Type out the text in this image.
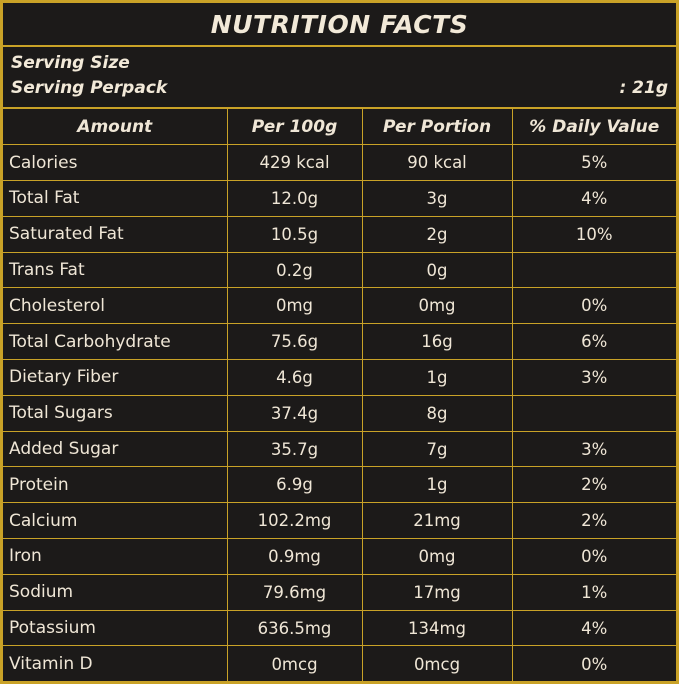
NUTRITION FACTS
Serving Size
Serving Perpack	: 21g
Amount	Per 100g	Per Portion	% Daily Value
Calories	429 kcal	90 kcal	5%
Total Fat	12.0g	3g	4%
Saturated Fat	10.5g	2g	10%
Trans Fat	0.2g	0g	
Cholesterol	0mg	0mg	0%
Total Carbohydrate	75.6g	16g	6%
Dietary Fiber	4.6g	1g	3%
Total Sugars	37.4g	8g	
Added Sugar	35.7g	7g	3%
Protein	6.9g	1g	2%
Calcium	102.2mg	21mg	2%
Iron	0.9mg	0mg	0%
Sodium	79.6mg	17mg	1%
Potassium	636.5mg	134mg	4%
Vitamin D	0mcg	0mcg	0%
